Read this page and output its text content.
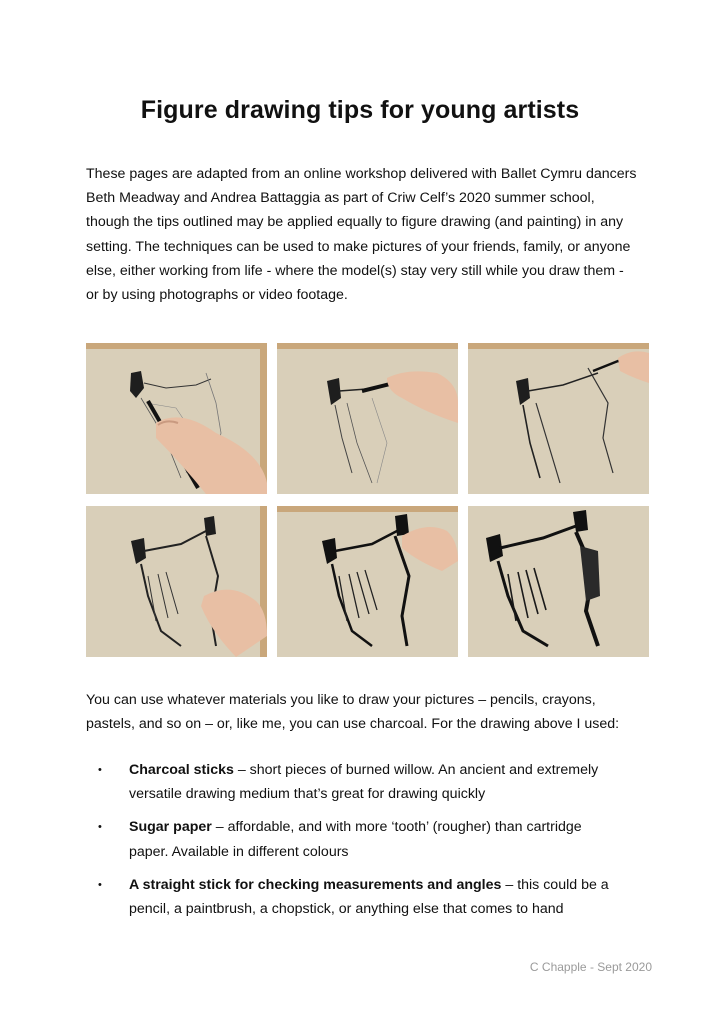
Figure drawing tips for young artists

These pages are adapted from an online workshop delivered with Ballet Cymru dancers
Beth Meadway and Andrea Battaggia as part of Criw Celf’s 2020 summer school,
though the tips outlined may be applied equally to figure drawing (and painting) in any
setting. The techniques can be used to make pictures of your friends, family, or anyone
else, either working from life - where the model(s) stay very still while you draw them -
or by using photographs or video footage.

You can use whatever materials you like to draw your pictures – pencils, crayons,
pastels, and so on – or, like me, you can use charcoal. For the drawing above I used:

• Charcoal sticks – short pieces of burned willow. An ancient and extremely
versatile drawing medium that’s great for drawing quickly
• Sugar paper – affordable, and with more ‘tooth’ (rougher) than cartridge
paper. Available in different colours
• A straight stick for checking measurements and angles – this could be a
pencil, a paintbrush, a chopstick, or anything else that comes to hand
C Chapple - Sept 2020
